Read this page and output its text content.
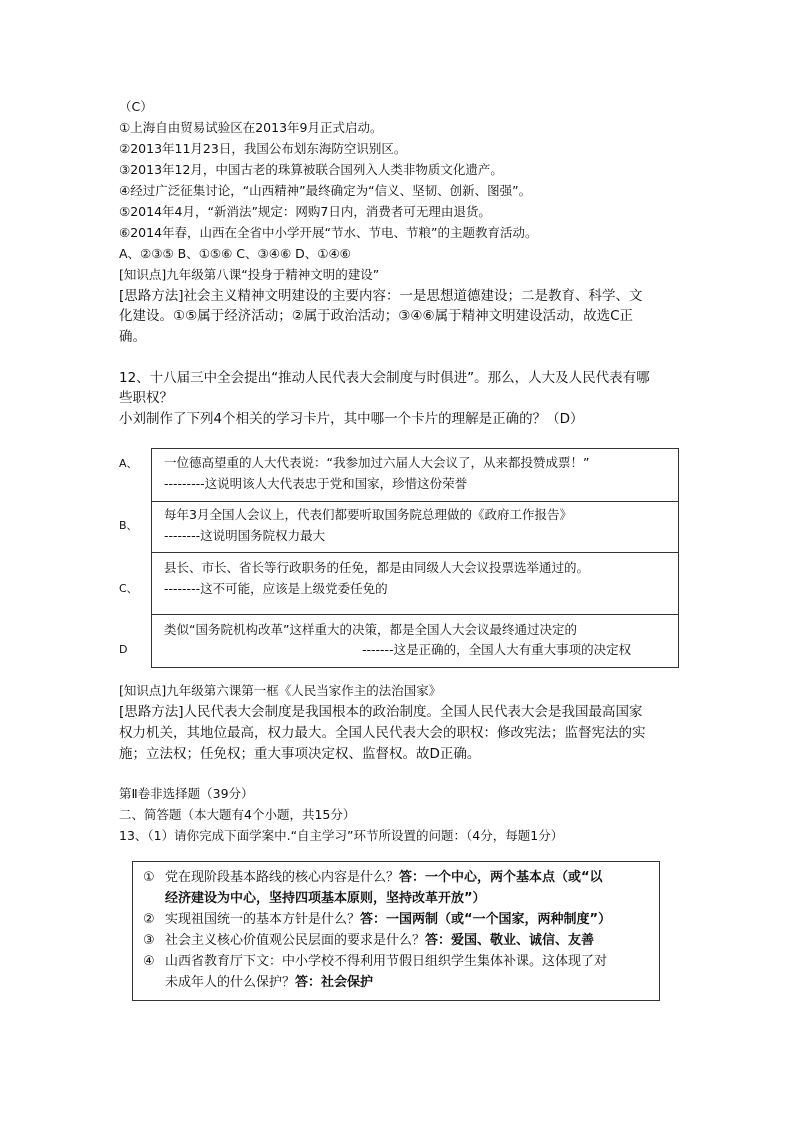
（C）
①上海自由贸易试验区在2013年9月正式启动。
②2013年11月23日，我国公布划东海防空识别区。
③2013年12月，中国古老的珠算被联合国列入人类非物质文化遗产。
④经过广泛征集讨论，“山西精神”最终确定为“信义、坚韧、创新、图强”。
⑤2014年4月，“新消法”规定：网购7日内，消费者可无理由退货。
⑥2014年春，山西在全省中小学开展“节水、节电、节粮”的主题教育活动。
A、②③⑤ B、①⑤⑥ C、③④⑥ D、①④⑥
[知识点]九年级第八课“投身于精神文明的建设”
[思路方法]社会主义精神文明建设的主要内容：一是思想道德建设；二是教育、科学、文
化建设。①⑤属于经济活动；②属于政治活动；③④⑥属于精神文明建设活动，故选C正
确。
12、十八届三中全会提出“推动人民代表大会制度与时俱进”。那么，人大及人民代表有哪
些职权？
小刘制作了下列4个相关的学习卡片，其中哪一个卡片的理解是正确的？（D）
A、
B、
C、
D
一位德高望重的人大代表说：“我参加过六届人大会议了，从来都投赞成票！”
---------这说明该人大代表忠于党和国家，珍惜这份荣誉
每年3月全国人会议上，代表们都要听取国务院总理做的《政府工作报告》
--------这说明国务院权力最大
县长、市长、省长等行政职务的任免，都是由同级人大会议投票选举通过的。
--------这不可能，应该是上级党委任免的
类似“国务院机构改革”这样重大的决策，都是全国人大会议最终通过决定的
-------这是正确的，全国人大有重大事项的决定权
[知识点]九年级第六课第一框《人民当家作主的法治国家》
[思路方法]人民代表大会制度是我国根本的政治制度。全国人民代表大会是我国最高国家
权力机关，其地位最高，权力最大。全国人民代表大会的职权：修改宪法；监督宪法的实
施；立法权；任免权；重大事项决定权、监督权。故D正确。
第Ⅱ卷非选择题（39分）
二、简答题（本大题有4个小题，共15分）
13、（1）请你完成下面学案中.“自主学习”环节所设置的问题：（4分，每题1分）
① 党在现阶段基本路线的核心内容是什么？答：一个中心，两个基本点（或“以
经济建设为中心，坚持四项基本原则，坚持改革开放”）
② 实现祖国统一的基本方针是什么？答：一国两制（或“一个国家，两种制度”）
③ 社会主义核心价值观公民层面的要求是什么？答：爱国、敬业、诚信、友善
④ 山西省教育厅下文：中小学校不得利用节假日组织学生集体补课。这体现了对
未成年人的什么保护？答：社会保护
